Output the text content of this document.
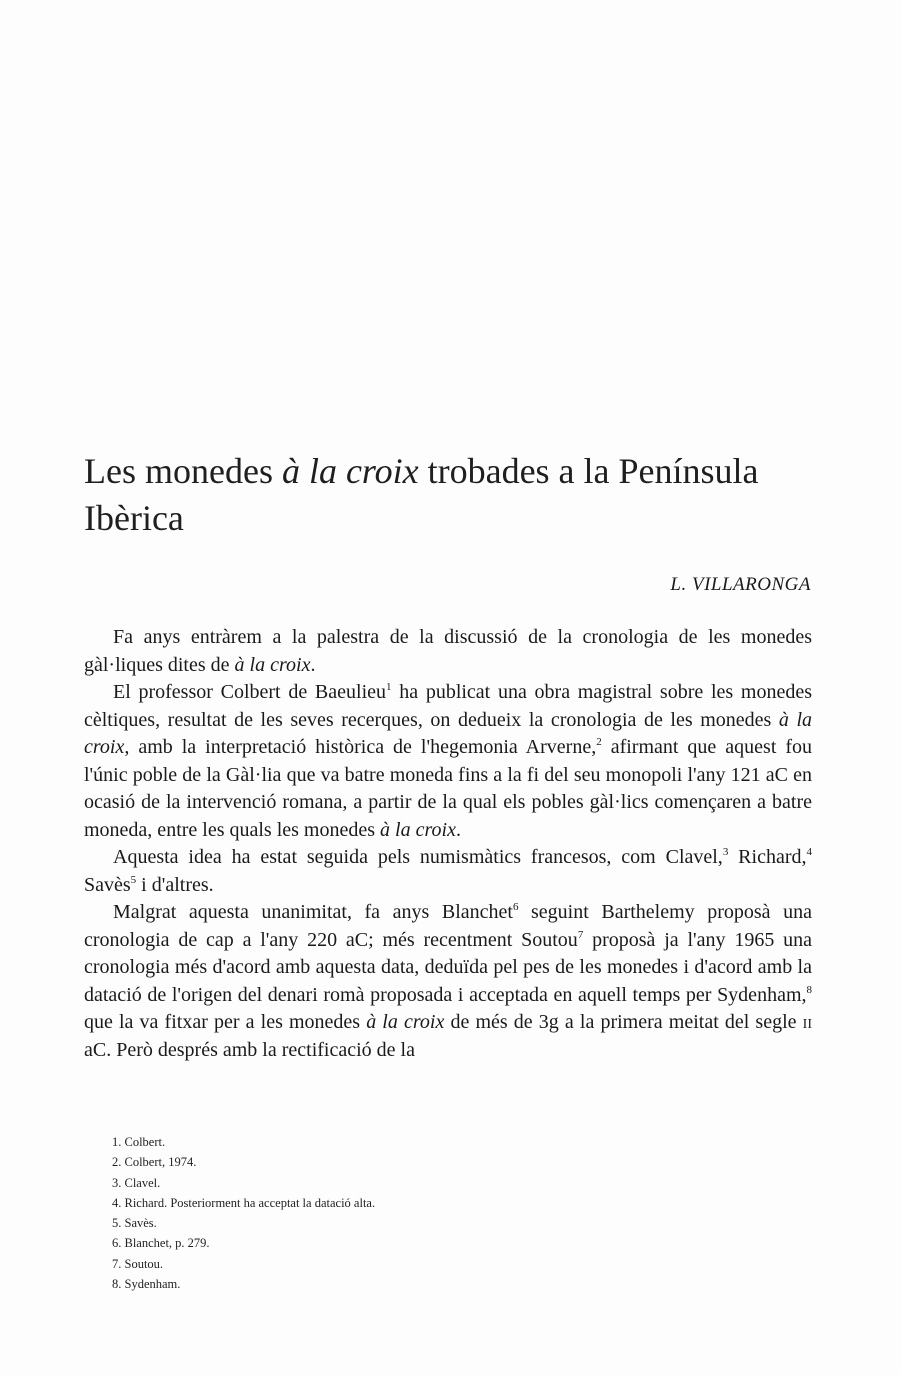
Les monedes à la croix trobades a la Península Ibèrica
L. VILLARONGA

Fa anys entràrem a la palestra de la discussió de la cronologia de les monedes gàl·liques dites de à la croix.

El professor Colbert de Baeulieu$^1$ ha publicat una obra magistral sobre les monedes cèltiques, resultat de les seves recerques, on dedueix la cronologia de les monedes à la croix, amb la interpretació històrica de l'hegemonia Arverne,$^2$ afirmant que aquest fou l'únic poble de la Gàl·lia que va batre moneda fins a la fi del seu monopoli l'any 121 aC en ocasió de la intervenció romana, a partir de la qual els pobles gàl·lics començaren a batre moneda, entre les quals les monedes à la croix.

Aquesta idea ha estat seguida pels numismàtics francesos, com Clavel,$^3$ Richard,$^4$ Savès$^5$ i d'altres.

Malgrat aquesta unanimitat, fa anys Blanchet$^6$ seguint Barthelemy proposà una cronologia de cap a l'any 220 aC; més recentment Soutou$^7$ proposà ja l'any 1965 una cronologia més d'acord amb aquesta data, deduïda pel pes de les monedes i d'acord amb la datació de l'origen del denari romà proposada i acceptada en aquell temps per Sydenham,$^8$ que la va fitxar per a les monedes à la croix de més de 3g a la primera meitat del segle ii aC. Però després amb la rectificació de la

1. Colbert.
2. Colbert, 1974.
3. Clavel.
4. Richard. Posteriorment ha acceptat la datació alta.
5. Savès.
6. Blanchet, p. 279.
7. Soutou.
8. Sydenham.
